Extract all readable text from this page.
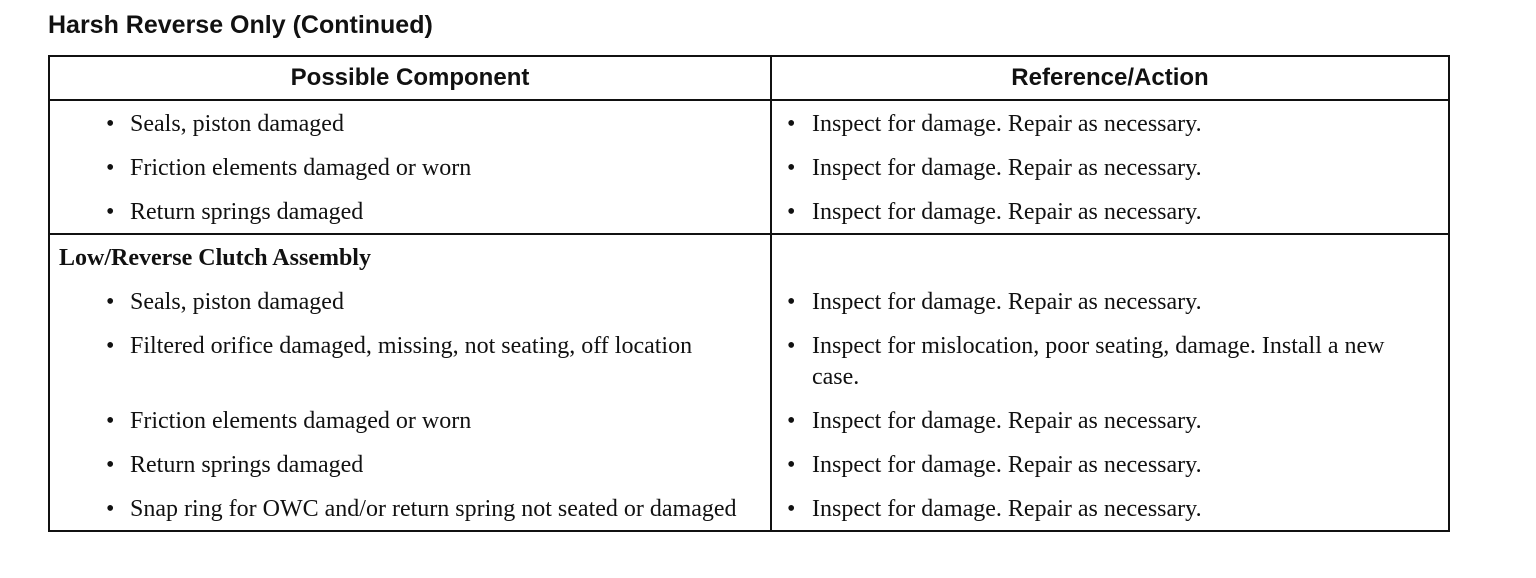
Harsh Reverse Only (Continued)
Possible Component	Reference/Action

• Seals, piston damaged	• Inspect for damage. Repair as necessary.

• Friction elements damaged or worn	• Inspect for damage. Repair as necessary.

• Return springs damaged	• Inspect for damage. Repair as necessary.

Low/Reverse Clutch Assembly	

• Seals, piston damaged	• Inspect for damage. Repair as necessary.

• Filtered orifice damaged, missing, not seating, off location	• Inspect for mislocation, poor seating, damage. Install a new case.

• Friction elements damaged or worn	• Inspect for damage. Repair as necessary.

• Return springs damaged	• Inspect for damage. Repair as necessary.

• Snap ring for OWC and/or return spring not seated or damaged	• Inspect for damage. Repair as necessary.
